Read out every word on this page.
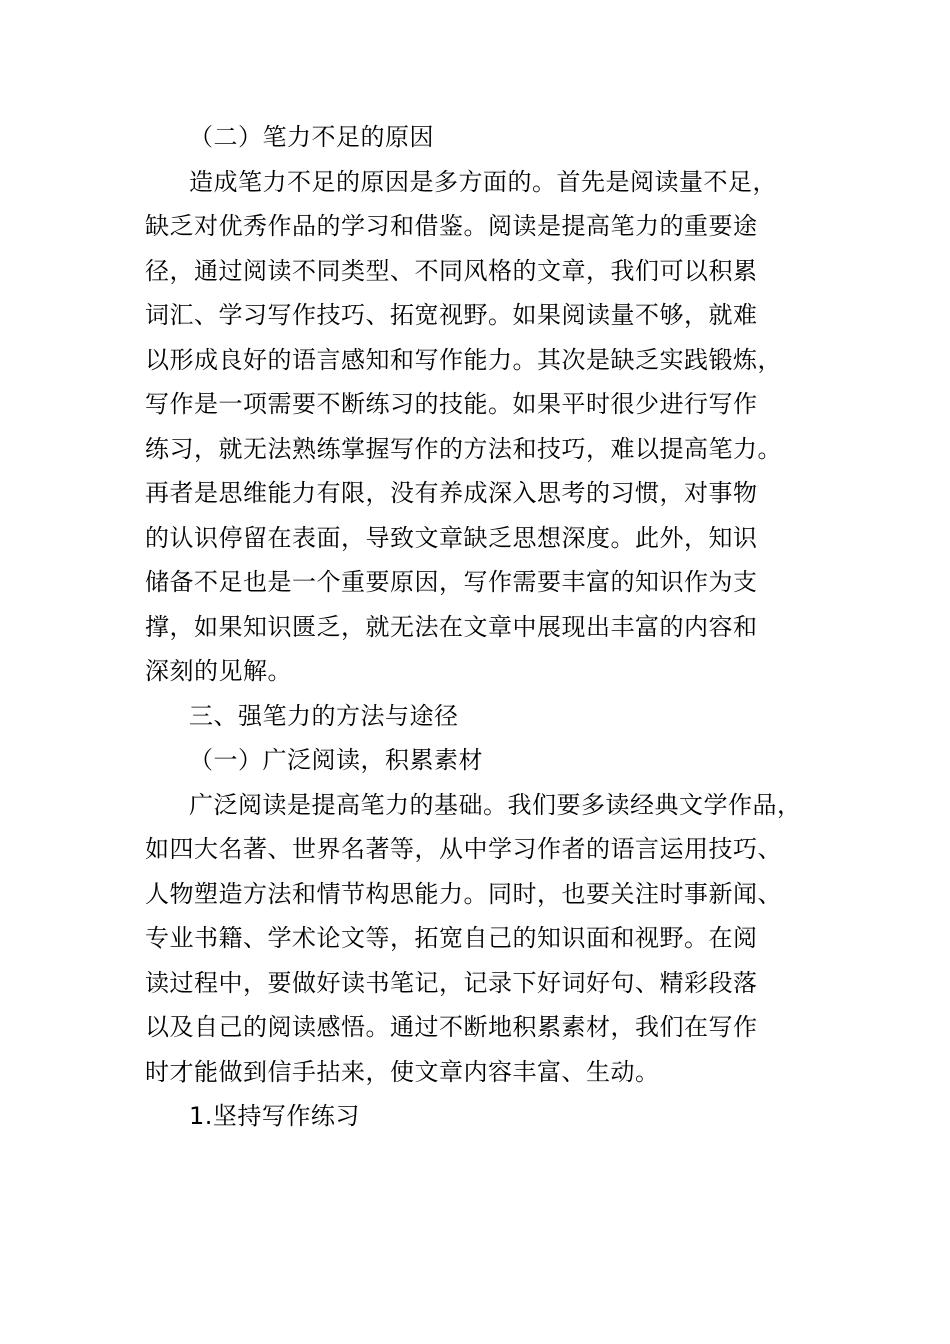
（二）笔力不足的原因
造成笔力不足的原因是多方面的。首先是阅读量不足，
缺乏对优秀作品的学习和借鉴。阅读是提高笔力的重要途
径，通过阅读不同类型、不同风格的文章，我们可以积累
词汇、学习写作技巧、拓宽视野。如果阅读量不够，就难
以形成良好的语言感知和写作能力。其次是缺乏实践锻炼，
写作是一项需要不断练习的技能。如果平时很少进行写作
练习，就无法熟练掌握写作的方法和技巧，难以提高笔力。
再者是思维能力有限，没有养成深入思考的习惯，对事物
的认识停留在表面，导致文章缺乏思想深度。此外，知识
储备不足也是一个重要原因，写作需要丰富的知识作为支
撑，如果知识匮乏，就无法在文章中展现出丰富的内容和
深刻的见解。
三、强笔力的方法与途径
（一）广泛阅读，积累素材
广泛阅读是提高笔力的基础。我们要多读经典文学作品，
如四大名著、世界名著等，从中学习作者的语言运用技巧、
人物塑造方法和情节构思能力。同时，也要关注时事新闻、
专业书籍、学术论文等，拓宽自己的知识面和视野。在阅
读过程中，要做好读书笔记，记录下好词好句、精彩段落
以及自己的阅读感悟。通过不断地积累素材，我们在写作
时才能做到信手拈来，使文章内容丰富、生动。
1.坚持写作练习
